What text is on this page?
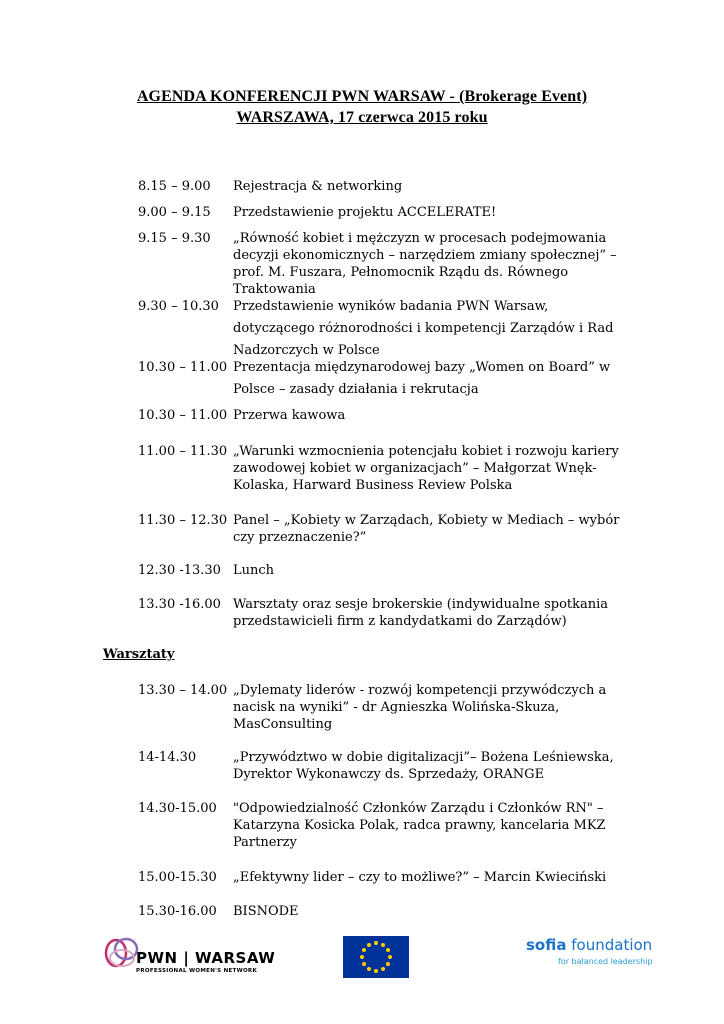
AGENDA KONFERENCJI PWN WARSAW - (Brokerage Event)
WARSZAWA, 17 czerwca 2015 roku
8.15 – 9.00	Rejestracja & networking
9.00 – 9.15	Przedstawienie projektu ACCELERATE!
9.15 – 9.30	„Równość kobiet i mężczyzn w procesach podejmowania decyzji ekonomicznych – narzędziem zmiany społecznej” – prof. M. Fuszara, Pełnomocnik Rządu ds. Równego Traktowania
9.30 – 10.30	Przedstawienie wyników badania PWN Warsaw, dotyczącego różnorodności i kompetencji Zarządów i Rad Nadzorczych w Polsce
10.30 – 11.00 Prezentacja międzynarodowej bazy „Women on Board” w Polsce – zasady działania i rekrutacja
10.30 – 11.00 Przerwa kawowa
11.00 – 11.30 „Warunki wzmocnienia potencjału kobiet i rozwoju kariery zawodowej kobiet w organizacjach” – Małgorzat Wnęk-Kolaska, Harward Business Review Polska
11.30 – 12.30 Panel – „Kobiety w Zarządach, Kobiety w Mediach – wybór czy przeznaczenie?”
12.30 -13.30 Lunch
13.30 -16.00 Warsztaty oraz sesje brokerskie (indywidualne spotkania przedstawicieli firm z kandydatkami do Zarządów)
Warsztaty
13.30 – 14.00 „Dylematy liderów - rozwój kompetencji przywódczych a nacisk na wyniki” - dr Agnieszka Wolińska-Skuza, MasConsulting
14-14.30	„Przywództwo w dobie digitalizacji”– Bożena Leśniewska, Dyrektor Wykonawczy ds. Sprzedaży, ORANGE
14.30-15.00	"Odpowiedzialność Członków Zarządu i Członków RN" – Katarzyna Kosicka Polak, radca prawny, kancelaria MKZ Partnerzy
15.00-15.30	„Efektywny lider – czy to możliwe?” – Marcin Kwieciński
15.30-16.00	BISNODE
PWN | WARSAW
PROFESSIONAL WOMEN'S NETWORK
sofia foundation
for balanced leadership
